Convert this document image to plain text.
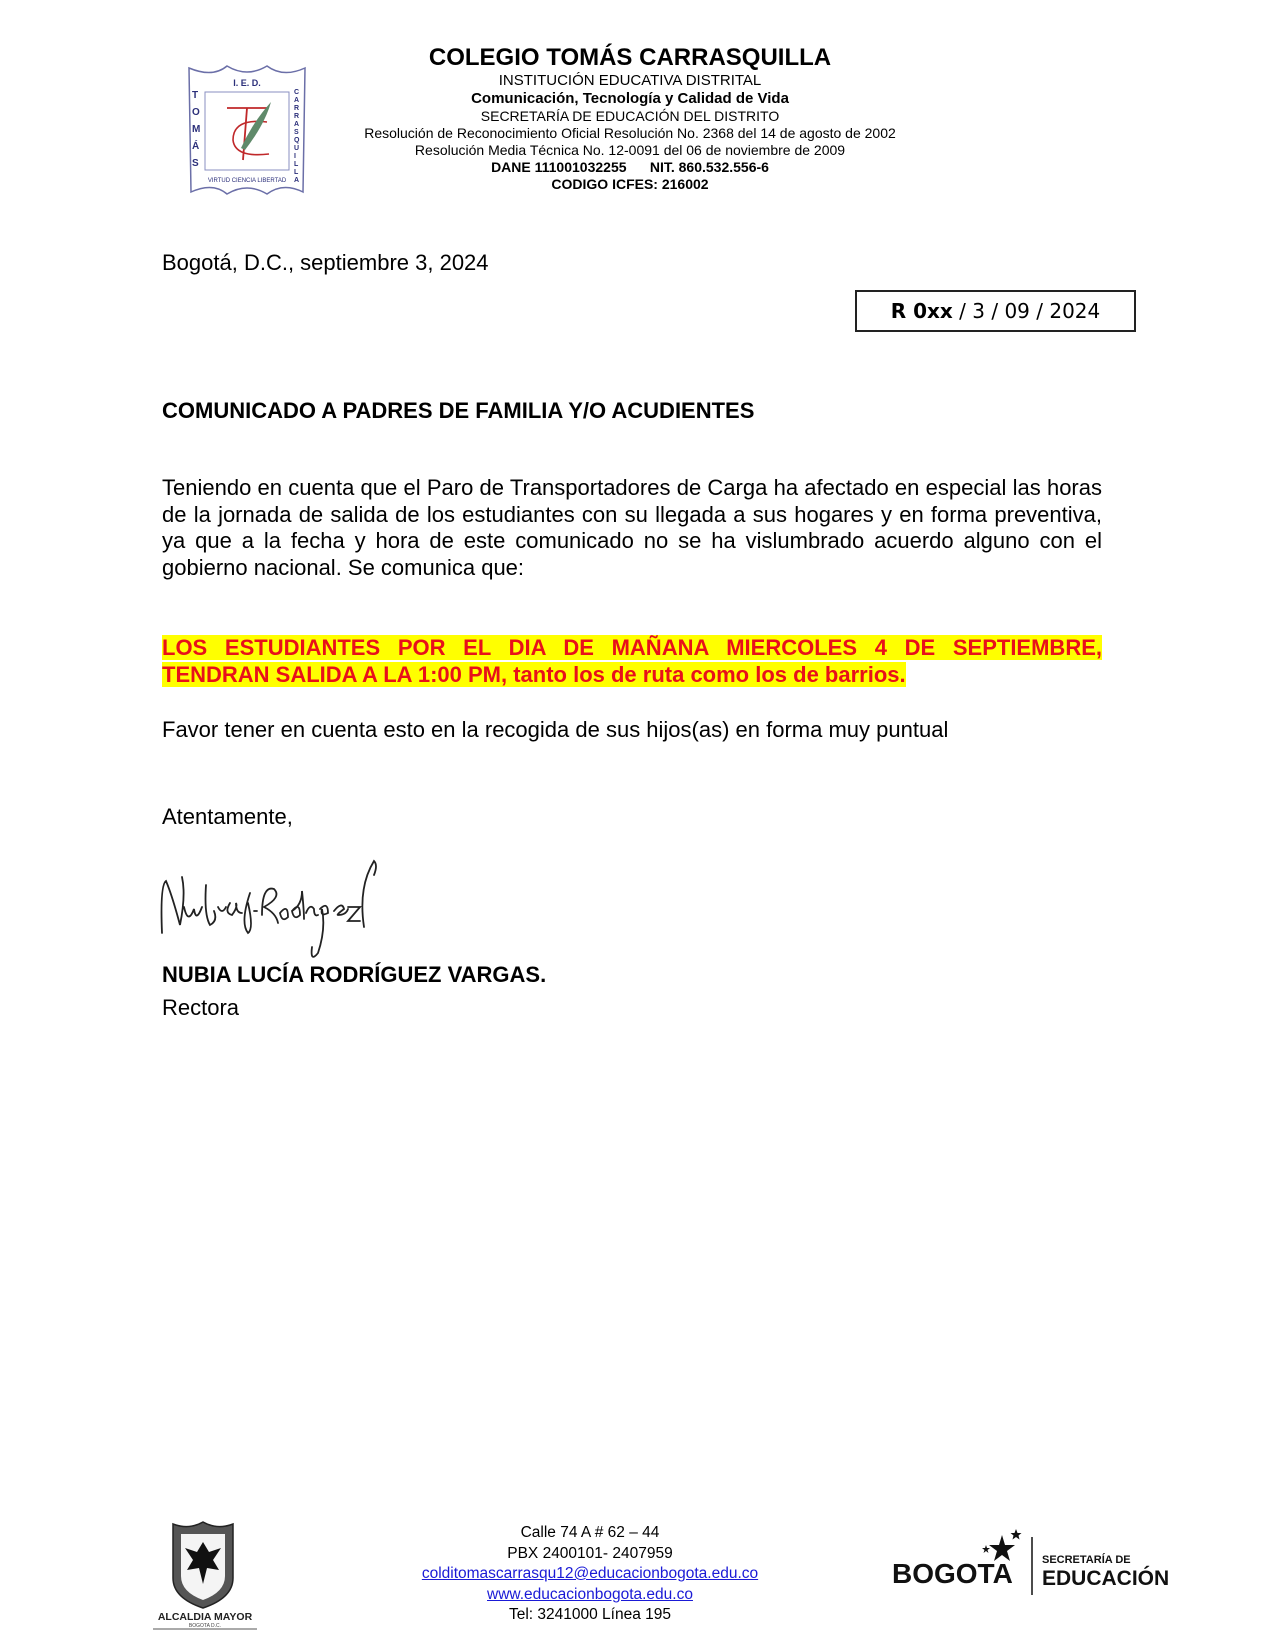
I. E. D.
T O M Á S
C A R R A S Q U I L L A
VIRTUD CIENCIA LIBERTAD
COLEGIO TOMÁS CARRASQUILLA
INSTITUCIÓN EDUCATIVA DISTRITAL
Comunicación, Tecnología y Calidad de Vida
SECRETARÍA DE EDUCACIÓN DEL DISTRITO
Resolución de Reconocimiento Oficial Resolución No. 2368 del 14 de agosto de 2002
Resolución Media Técnica No. 12-0091 del 06 de noviembre de 2009
DANE 111001032255      NIT. 860.532.556-6
CODIGO ICFES: 216002
Bogotá, D.C., septiembre 3, 2024
R 0xx / 3 / 09 / 2024
COMUNICADO A PADRES DE FAMILIA Y/O ACUDIENTES
Teniendo en cuenta que el Paro de Transportadores de Carga ha afectado en especial las horas de la jornada de salida de los estudiantes con su llegada a sus hogares y en forma preventiva, ya que a la fecha y hora de este comunicado no se ha vislumbrado acuerdo alguno con el gobierno nacional. Se comunica que:
LOS ESTUDIANTES POR EL DIA DE MAÑANA MIERCOLES 4 DE SEPTIEMBRE,
TENDRAN SALIDA A LA 1:00 PM, tanto los de ruta como los de barrios.
Favor tener en cuenta esto en la recogida de sus hijos(as) en forma muy puntual
Atentamente,
NUBIA LUCÍA RODRÍGUEZ VARGAS.
Rectora
ALCALDIA MAYOR
BOGOTA D.C.
Calle 74 A # 62 – 44
PBX 2400101- 2407959
colditomascarrasqu12@educacionbogota.edu.co
www.educacionbogota.edu.co
Tel: 3241000 Línea 195
BOGOTA	SECRETARÍA DE
EDUCACIÓN
